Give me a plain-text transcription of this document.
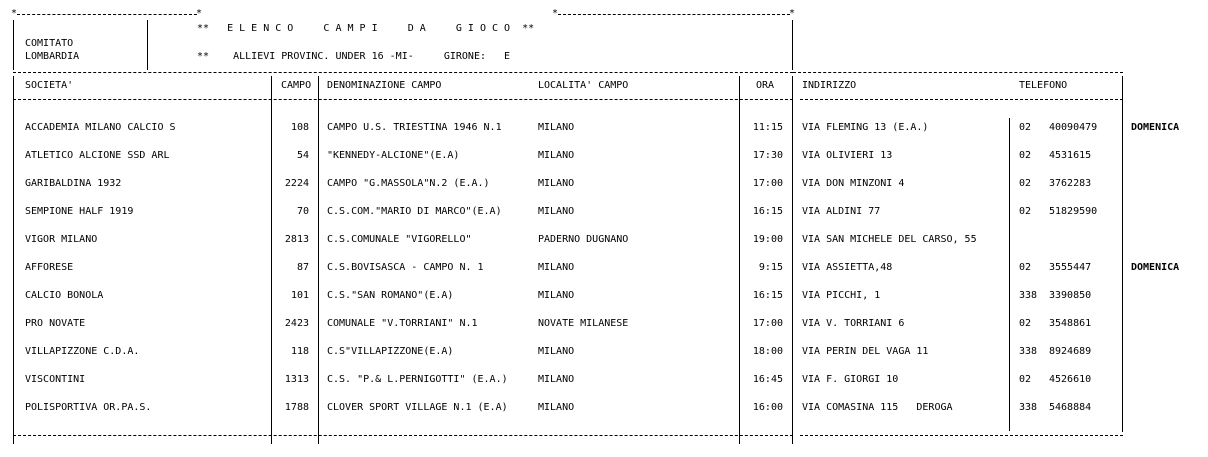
*	*	*	*
**   E L E N C O     C A M P I     D A     G I O C O  **
COMITATO
LOMBARDIA	**    ALLIEVI PROVINC. UNDER 16 -MI-     GIRONE:   E
SOCIETA'	CAMPO DENOMINAZIONE CAMPO	LOCALITA' CAMPO	ORA	INDIRIZZO	TELEFONO
ACCADEMIA MILANO CALCIO S	108 CAMPO U.S. TRIESTINA 1946 N.1	MILANO	11:15 VIA FLEMING 13 (E.A.)	02 40090479	DOMENICA
ATLETICO ALCIONE SSD ARL	54 "KENNEDY-ALCIONE"(E.A)	MILANO	17:30 VIA OLIVIERI 13	02 4531615
GARIBALDINA 1932	2224 CAMPO "G.MASSOLA"N.2 (E.A.)	MILANO	17:00 VIA DON MINZONI 4	02 3762283
SEMPIONE HALF 1919	70 C.S.COM."MARIO DI MARCO"(E.A)	MILANO	16:15 VIA ALDINI 77	02 51829590
VIGOR MILANO	2813 C.S.COMUNALE "VIGORELLO"	PADERNO DUGNANO	19:00 VIA SAN MICHELE DEL CARSO, 55
AFFORESE	87 C.S.BOVISASCA - CAMPO N. 1	MILANO	9:15 VIA ASSIETTA,48	02 3555447	DOMENICA
CALCIO BONOLA	101 C.S."SAN ROMANO"(E.A)	MILANO	16:15 VIA PICCHI, 1	338 3390850
PRO NOVATE	2423 COMUNALE "V.TORRIANI" N.1	NOVATE MILANESE	17:00 VIA V. TORRIANI 6	02 3548861
VILLAPIZZONE C.D.A.	118 C.S"VILLAPIZZONE(E.A)	MILANO	18:00 VIA PERIN DEL VAGA 11	338 8924689
VISCONTINI	1313 C.S. "P.& L.PERNIGOTTI" (E.A.)	MILANO	16:45 VIA F. GIORGI 10	02 4526610
POLISPORTIVA OR.PA.S.	1788 CLOVER SPORT VILLAGE N.1 (E.A)	MILANO	16:00 VIA COMASINA 115   DEROGA	338 5468884
